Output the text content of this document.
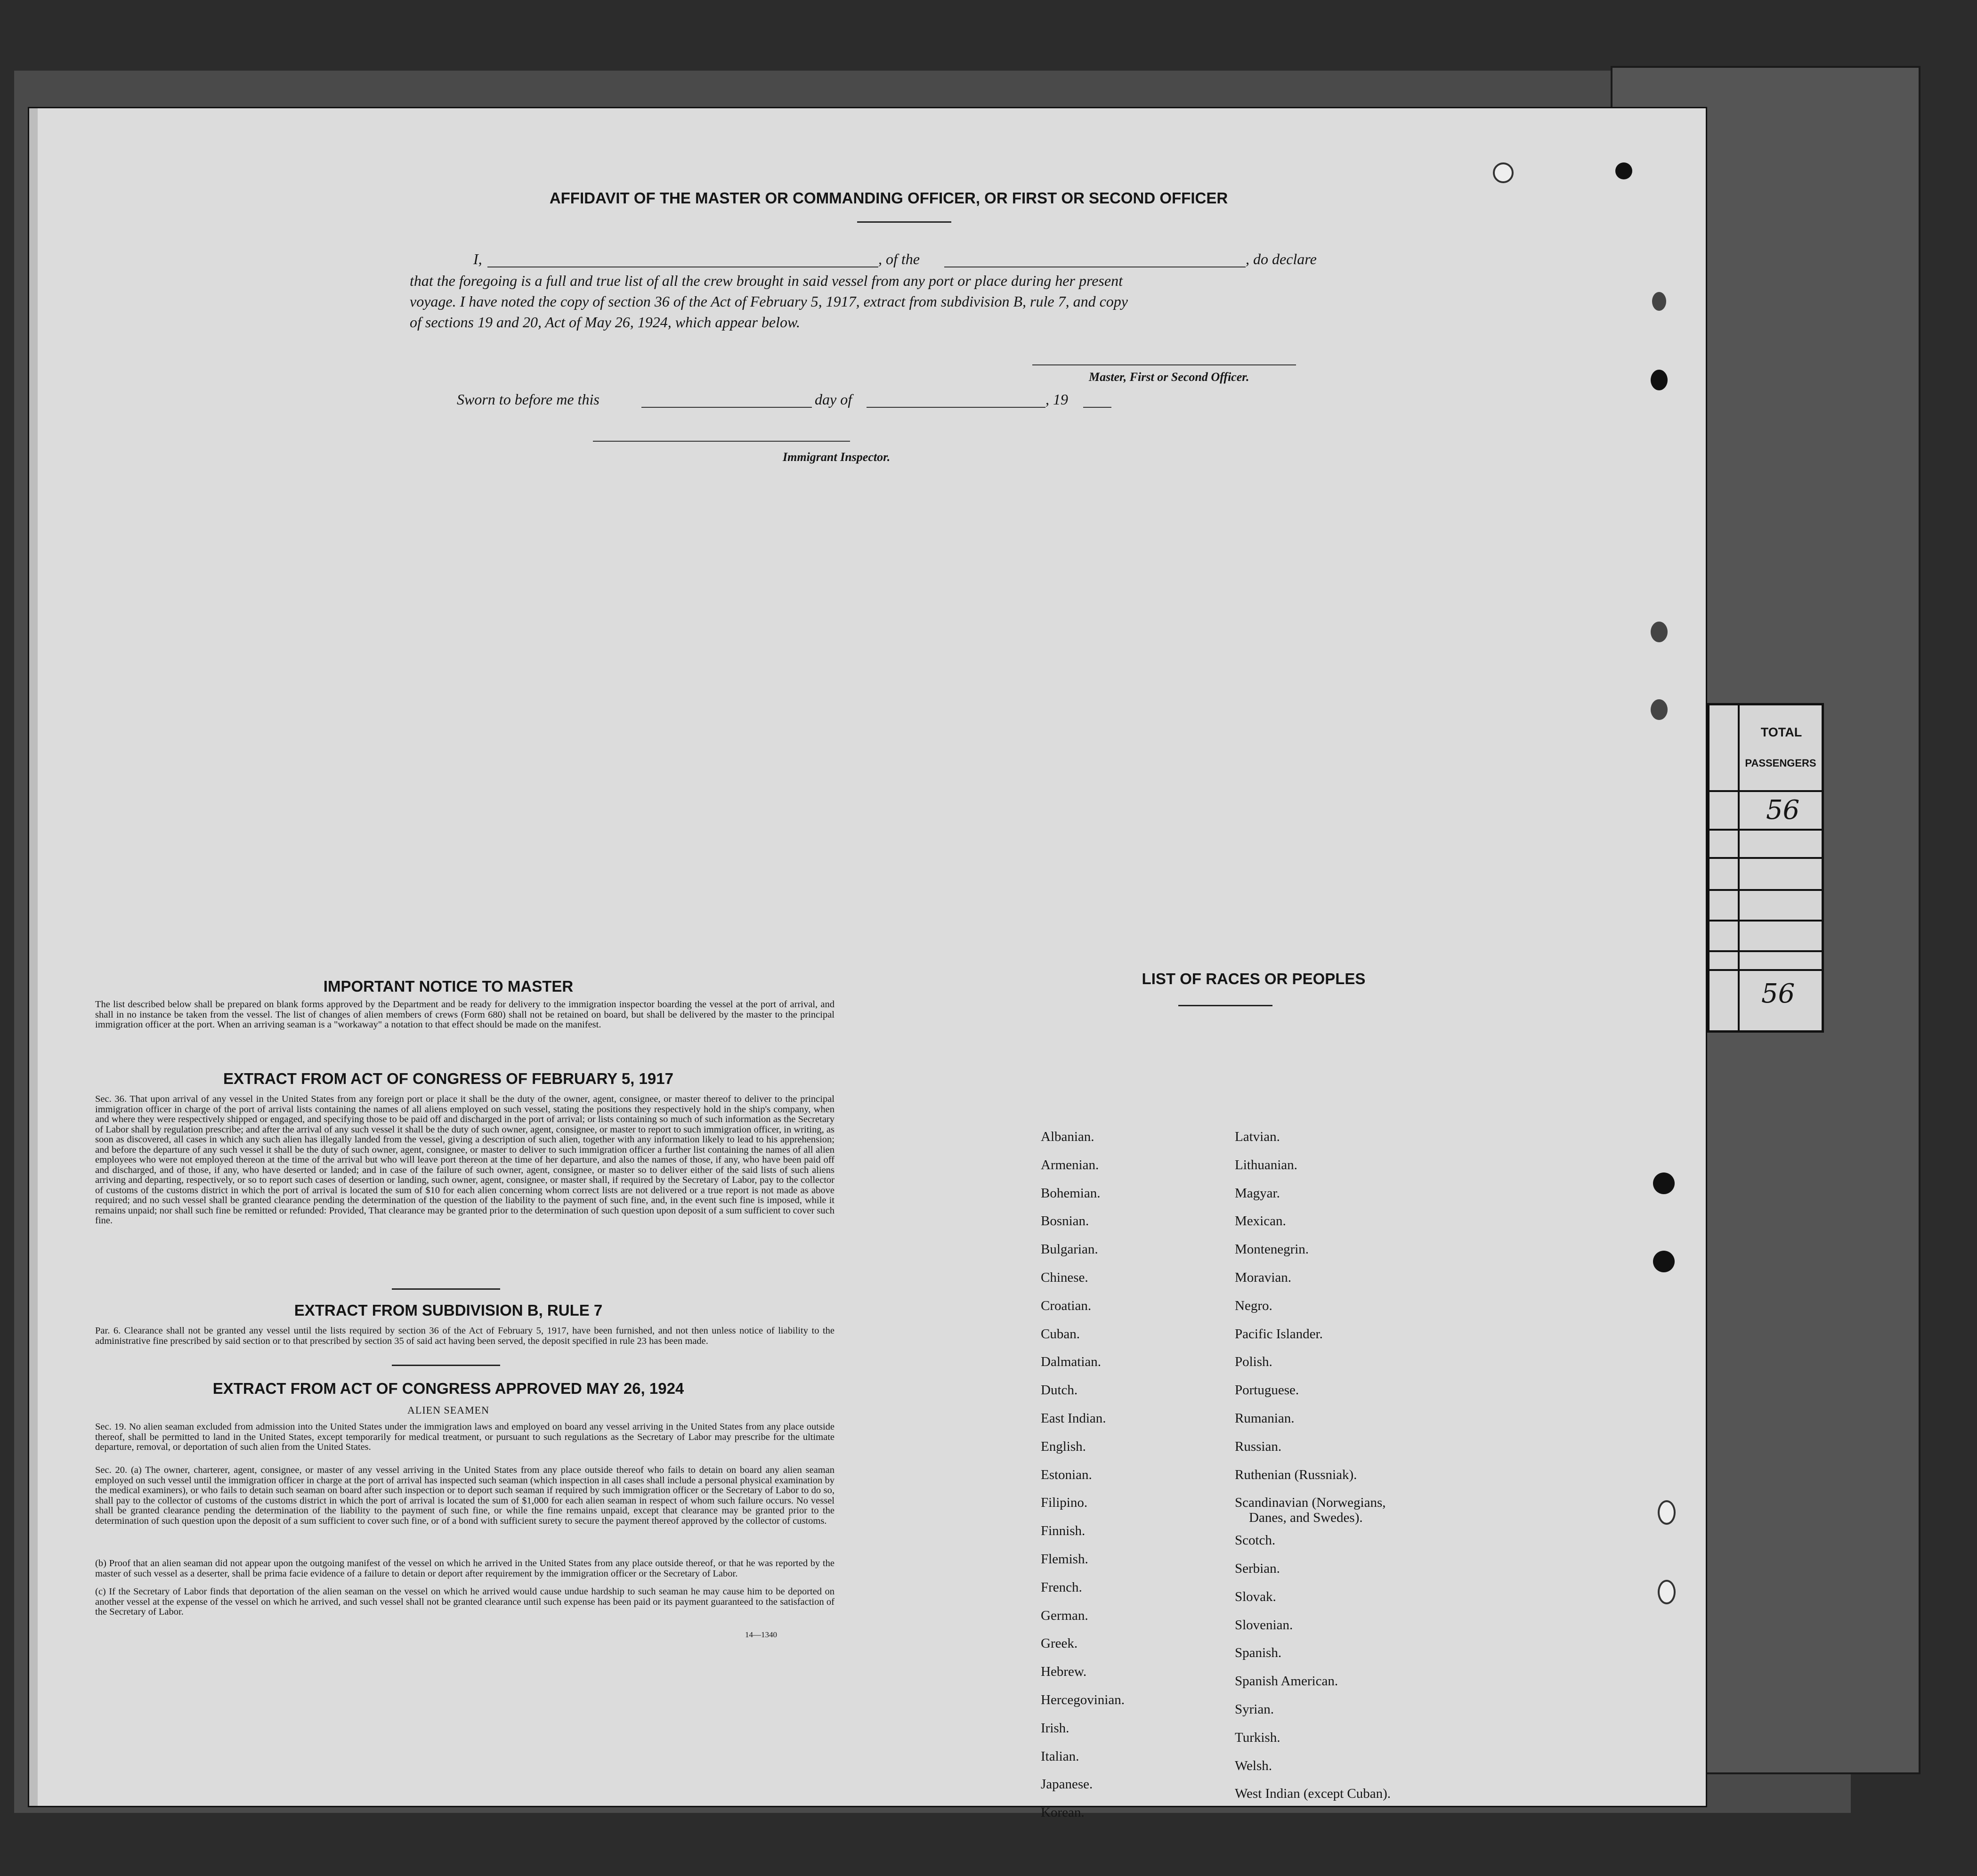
TOTAL
PASSENGERS
56
56
AFFIDAVIT OF THE MASTER OR COMMANDING OFFICER, OR FIRST OR SECOND OFFICER
I,	, of the	, do declare
that the foregoing is a full and true list of all the crew brought in said vessel from any port or place during her present
voyage. I have noted the copy of section 36 of the Act of February 5, 1917, extract from subdivision B, rule 7, and copy
of sections 19 and 20, Act of May 26, 1924, which appear below.
Master, First or Second Officer.
Sworn to before me this	day of	, 19
Immigrant Inspector.
IMPORTANT NOTICE TO MASTER

The list described below shall be prepared on blank forms approved by the Department and be ready for delivery to the immigration inspector boarding the vessel at the port of arrival, and shall in no instance be taken from the vessel. The list of changes of alien members of crews (Form 680) shall not be retained on board, but shall be delivered by the master to the principal immigration officer at the port. When an arriving seaman is a "workaway" a notation to that effect should be made on the manifest.

EXTRACT FROM ACT OF CONGRESS OF FEBRUARY 5, 1917

Sec. 36. That upon arrival of any vessel in the United States from any foreign port or place it shall be the duty of the owner, agent, consignee, or master thereof to deliver to the principal immigration officer in charge of the port of arrival lists containing the names of all aliens employed on such vessel, stating the positions they respectively hold in the ship's company, when and where they were respectively shipped or engaged, and specifying those to be paid off and discharged in the port of arrival; or lists containing so much of such information as the Secretary of Labor shall by regulation prescribe; and after the arrival of any such vessel it shall be the duty of such owner, agent, consignee, or master to report to such immigration officer, in writing, as soon as discovered, all cases in which any such alien has illegally landed from the vessel, giving a description of such alien, together with any information likely to lead to his apprehension; and before the departure of any such vessel it shall be the duty of such owner, agent, consignee, or master to deliver to such immigration officer a further list containing the names of all alien employees who were not employed thereon at the time of the arrival but who will leave port thereon at the time of her departure, and also the names of those, if any, who have been paid off and discharged, and of those, if any, who have deserted or landed; and in case of the failure of such owner, agent, consignee, or master so to deliver either of the said lists of such aliens arriving and departing, respectively, or so to report such cases of desertion or landing, such owner, agent, consignee, or master shall, if required by the Secretary of Labor, pay to the collector of customs of the customs district in which the port of arrival is located the sum of $10 for each alien concerning whom correct lists are not delivered or a true report is not made as above required; and no such vessel shall be granted clearance pending the determination of the question of the liability to the payment of such fine, and, in the event such fine is imposed, while it remains unpaid; nor shall such fine be remitted or refunded: Provided, That clearance may be granted prior to the determination of such question upon deposit of a sum sufficient to cover such fine.

EXTRACT FROM SUBDIVISION B, RULE 7

Par. 6. Clearance shall not be granted any vessel until the lists required by section 36 of the Act of February 5, 1917, have been furnished, and not then unless notice of liability to the administrative fine prescribed by said section or to that prescribed by section 35 of said act having been served, the deposit specified in rule 23 has been made.

EXTRACT FROM ACT OF CONGRESS APPROVED MAY 26, 1924
ALIEN SEAMEN

Sec. 19. No alien seaman excluded from admission into the United States under the immigration laws and employed on board any vessel arriving in the United States from any place outside thereof, shall be permitted to land in the United States, except temporarily for medical treatment, or pursuant to such regulations as the Secretary of Labor may prescribe for the ultimate departure, removal, or deportation of such alien from the United States.

Sec. 20. (a) The owner, charterer, agent, consignee, or master of any vessel arriving in the United States from any place outside thereof who fails to detain on board any alien seaman employed on such vessel until the immigration officer in charge at the port of arrival has inspected such seaman (which inspection in all cases shall include a personal physical examination by the medical examiners), or who fails to detain such seaman on board after such inspection or to deport such seaman if required by such immigration officer or the Secretary of Labor to do so, shall pay to the collector of customs of the customs district in which the port of arrival is located the sum of $1,000 for each alien seaman in respect of whom such failure occurs. No vessel shall be granted clearance pending the determination of the liability to the payment of such fine, or while the fine remains unpaid, except that clearance may be granted prior to the determination of such question upon the deposit of a sum sufficient to cover such fine, or of a bond with sufficient surety to secure the payment thereof approved by the collector of customs.

(b) Proof that an alien seaman did not appear upon the outgoing manifest of the vessel on which he arrived in the United States from any place outside thereof, or that he was reported by the master of such vessel as a deserter, shall be prima facie evidence of a failure to detain or deport after requirement by the immigration officer or the Secretary of Labor.

(c) If the Secretary of Labor finds that deportation of the alien seaman on the vessel on which he arrived would cause undue hardship to such seaman he may cause him to be deported on another vessel at the expense of the vessel on which he arrived, and such vessel shall not be granted clearance until such expense has been paid or its payment guaranteed to the satisfaction of the Secretary of Labor.

14—1340
LIST OF RACES OR PEOPLES
Albanian.
Armenian.
Bohemian.
Bosnian.
Bulgarian.
Chinese.
Croatian.
Cuban.
Dalmatian.
Dutch.
East Indian.
English.
Estonian.
Filipino.
Finnish.
Flemish.
French.
German.
Greek.
Hebrew.
Hercegovinian.
Irish.
Italian.
Japanese.
Korean.
Latvian.
Lithuanian.
Magyar.
Mexican.
Montenegrin.
Moravian.
Negro.
Pacific Islander.
Polish.
Portuguese.
Rumanian.
Russian.
Ruthenian (Russniak).
Scandinavian (Norwegians,
Danes, and Swedes).
Scotch.
Serbian.
Slovak.
Slovenian.
Spanish.
Spanish American.
Syrian.
Turkish.
Welsh.
West Indian (except Cuban).
